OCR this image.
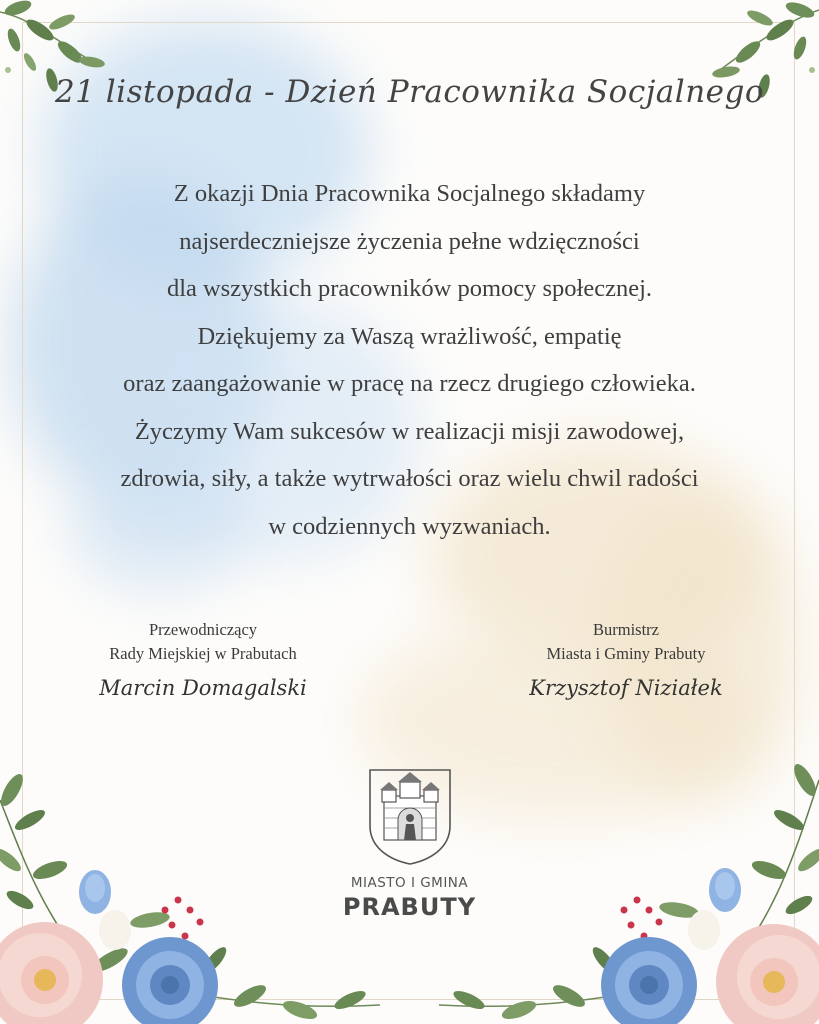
21 listopada - Dzień Pracownika Socjalnego
Z okazji Dnia Pracownika Socjalnego składamy
najserdeczniejsze życzenia pełne wdzięczności
dla wszystkich pracowników pomocy społecznej.
Dziękujemy za Waszą wrażliwość, empatię
oraz zaangażowanie w pracę na rzecz drugiego człowieka.
Życzymy Wam sukcesów w realizacji misji zawodowej,
zdrowia, siły, a także wytrwałości oraz wielu chwil radości
w codziennych wyzwaniach.
Przewodniczący
Rady Miejskiej w Prabutach
Marcin Domagalski
Burmistrz
Miasta i Gminy Prabuty
Krzysztof Niziałek
MIASTO I GMINA
PRABUTY
